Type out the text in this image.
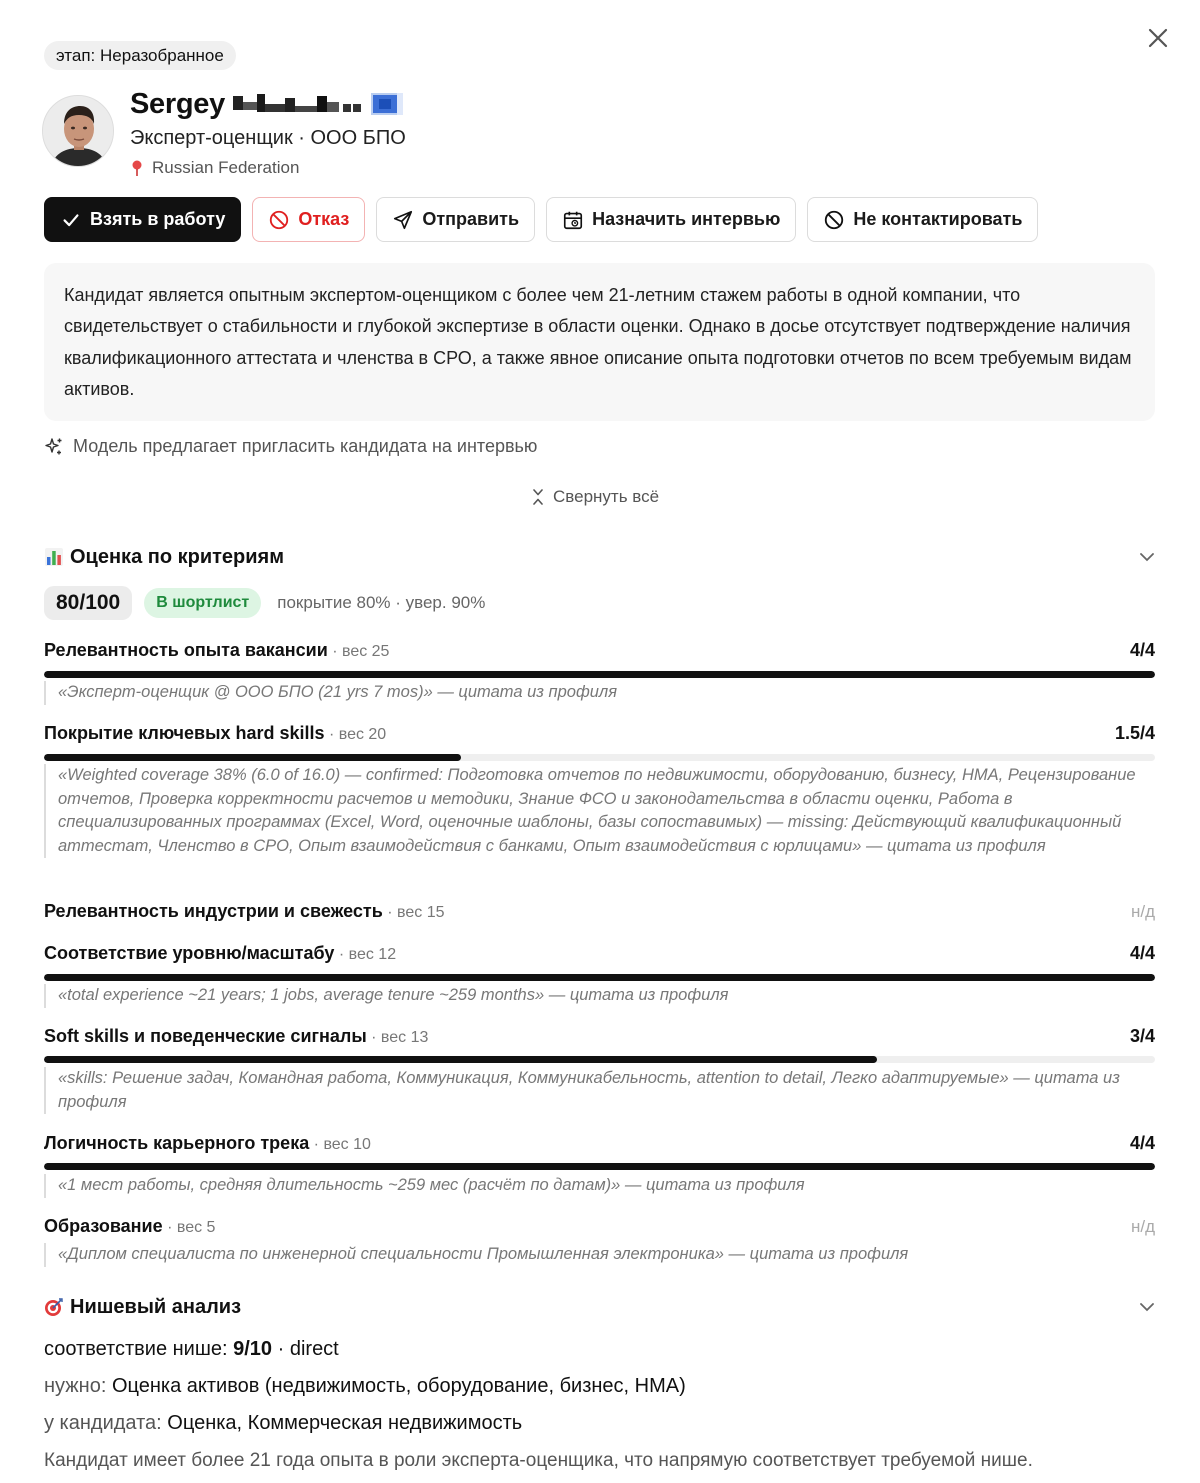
этап: Неразобранное
Sergey
Эксперт-оценщик · ООО БПО
Russian Federation
Взять в работу	Отказ	Отправить	Назначить интервью	Не контактировать
Кандидат является опытным экспертом-оценщиком с более чем 21-летним стажем работы в одной компании, что свидетельствует о стабильности и глубокой экспертизе в области оценки. Однако в досье отсутствует подтверждение наличия квалификационного аттестата и членства в СРО, а также явное описание опыта подготовки отчетов по всем требуемым видам активов.
Модель предлагает пригласить кандидата на интервью
Свернуть всё
Оценка по критериям
80/100	В шортлист	покрытие 80% · увер. 90%
Релевантность опыта вакансии · вес 25	4/4
«Эксперт-оценщик @ ООО БПО (21 yrs 7 mos)» — цитата из профиля
Покрытие ключевых hard skills · вес 20	1.5/4
«Weighted coverage 38% (6.0 of 16.0) — confirmed: Подготовка отчетов по недвижимости, оборудованию, бизнесу, НМА, Рецензирование отчетов, Проверка корректности расчетов и методики, Знание ФСО и законодательства в области оценки, Работа в специализированных программах (Excel, Word, оценочные шаблоны, базы сопоставимых) — missing: Действующий квалификационный аттестат, Членство в СРО, Опыт взаимодействия с банками, Опыт взаимодействия с юрлицами» — цитата из профиля
Релевантность индустрии и свежесть · вес 15	н/д
Соответствие уровню/масштабу · вес 12	4/4
«total experience ~21 years; 1 jobs, average tenure ~259 months» — цитата из профиля
Soft skills и поведенческие сигналы · вес 13	3/4
«skills: Решение задач, Командная работа, Коммуникация, Коммуникабельность, attention to detail, Легко адаптируемые» — цитата из профиля
Логичность карьерного трека · вес 10	4/4
«1 мест работы, средняя длительность ~259 мес (расчёт по датам)» — цитата из профиля
Образование · вес 5	н/д
«Диплом специалиста по инженерной специальности Промышленная электроника» — цитата из профиля
Нишевый анализ
соответствие нише: 9/10 · direct
нужно: Оценка активов (недвижимость, оборудование, бизнес, НМА)
у кандидата: Оценка, Коммерческая недвижимость
Кандидат имеет более 21 года опыта в роли эксперта-оценщика, что напрямую соответствует требуемой нише.
